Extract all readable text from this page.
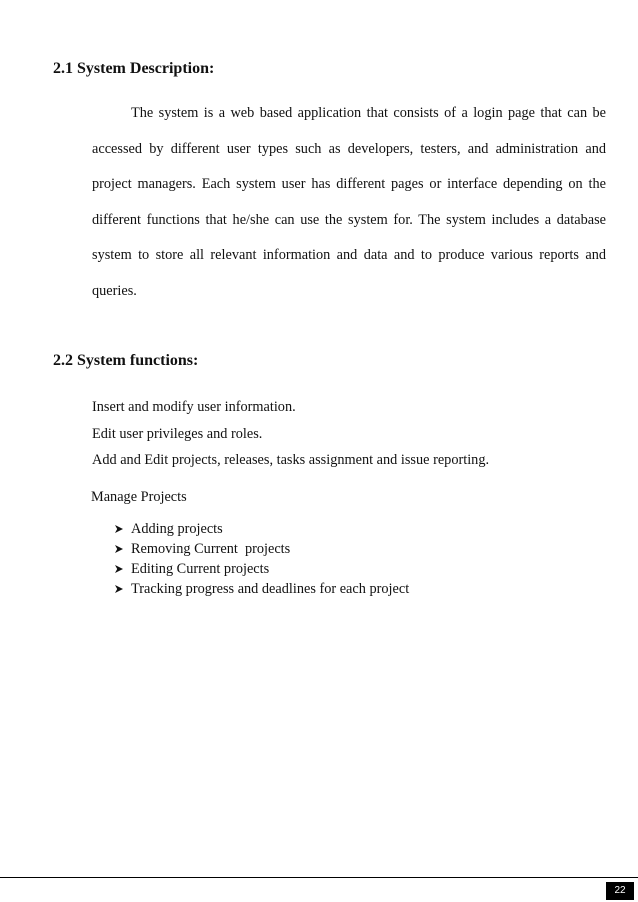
2.1 System Description:

The system is a web based application that consists of a login page that can be accessed by different user types such as developers, testers, and administration and project managers. Each system user has different pages or interface depending on the different functions that he/she can use the system for. The system includes a database system to store all relevant information and data and to produce various reports and queries.

2.2 System functions:
Insert and modify user information.
Edit user privileges and roles.
Add and Edit projects, releases, tasks assignment and issue reporting.

Manage Projects

Adding projects
Removing Current  projects
Editing Current projects
Tracking progress and deadlines for each project
22
